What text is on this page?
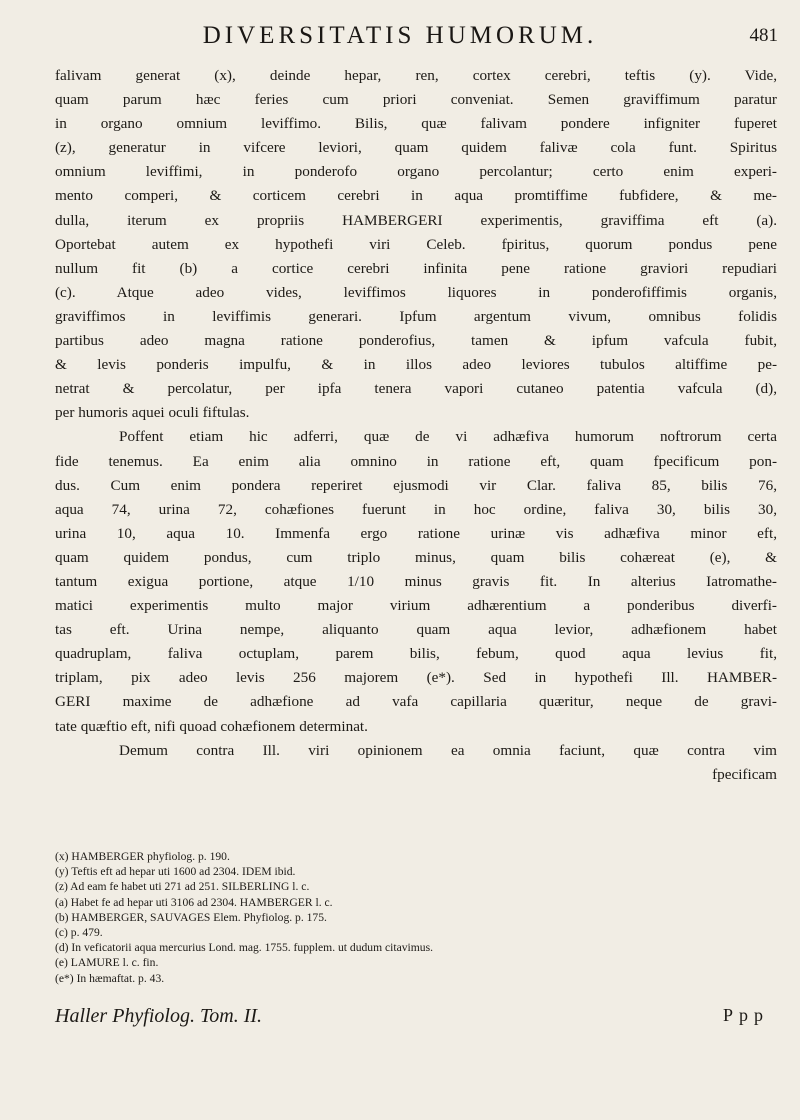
DIVERSITATIS HUMORUM.	481
falivam generat (x), deinde hepar, ren, cortex cerebri, teftis (y). Vide,
quam parum hæc feries cum priori conveniat. Semen graviffimum paratur
in organo omnium leviffimo. Bilis, quæ falivam pondere infigniter fuperet
(z), generatur in vifcere leviori, quam quidem falivæ cola funt. Spiritus
omnium leviffimi, in ponderofo organo percolantur; certo enim experi-
mento comperi, & corticem cerebri in aqua promtiffime fubfidere, & me-
dulla, iterum ex propriis HAMBERGERI experimentis, graviffima eft (a).
Oportebat autem ex hypothefi viri Celeb. fpiritus, quorum pondus pene
nullum fit (b) a cortice cerebri infinita pene ratione graviori repudiari
(c). Atque adeo vides, leviffimos liquores in ponderofiffimis organis,
graviffimos in leviffimis generari. Ipfum argentum vivum, omnibus folidis
partibus adeo magna ratione ponderofius, tamen & ipfum vafcula fubit,
& levis ponderis impulfu, & in illos adeo leviores tubulos altiffime pe-
netrat & percolatur, per ipfa tenera vapori cutaneo patentia vafcula (d),
per humoris aquei oculi fiftulas.
Poffent etiam hic adferri, quæ de vi adhæfiva humorum noftrorum certa
fide tenemus. Ea enim alia omnino in ratione eft, quam fpecificum pon-
dus. Cum enim pondera reperiret ejusmodi vir Clar. faliva 85, bilis 76,
aqua 74, urina 72, cohæfiones fuerunt in hoc ordine, faliva 30, bilis 30,
urina 10, aqua 10. Immenfa ergo ratione urinæ vis adhæfiva minor eft,
quam quidem pondus, cum triplo minus, quam bilis cohæreat (e), &
tantum exigua portione, atque 1/10 minus gravis fit. In alterius Iatromathe-
matici experimentis multo major virium adhærentium a ponderibus diverfi-
tas eft. Urina nempe, aliquanto quam aqua levior, adhæfionem habet
quadruplam, faliva octuplam, parem bilis, febum, quod aqua levius fit,
triplam, pix adeo levis 256 majorem (e*). Sed in hypothefi Ill. HAMBER-
GERI maxime de adhæfione ad vafa capillaria quæritur, neque de gravi-
tate quæftio eft, nifi quoad cohæfionem determinat.
Demum contra Ill. viri opinionem ea omnia faciunt, quæ contra vim
fpecificam
(x) HAMBERGER phyfiolog. p. 190.
(y) Teftis eft ad hepar uti 1600 ad 2304. IDEM ibid.
(z) Ad eam fe habet uti 271 ad 251. SILBERLING l. c.
(a) Habet fe ad hepar uti 3106 ad 2304. HAMBERGER l. c.
(b) HAMBERGER, SAUVAGES Elem. Phyfiolog. p. 175.
(c) p. 479.
(d) In veficatorii aqua mercurius Lond. mag. 1755. fupplem. ut dudum citavimus.
(e) LAMURE l. c. fin.
(e*) In hæmaftat. p. 43.
Haller Phyfiolog. Tom. II.	Ppp
